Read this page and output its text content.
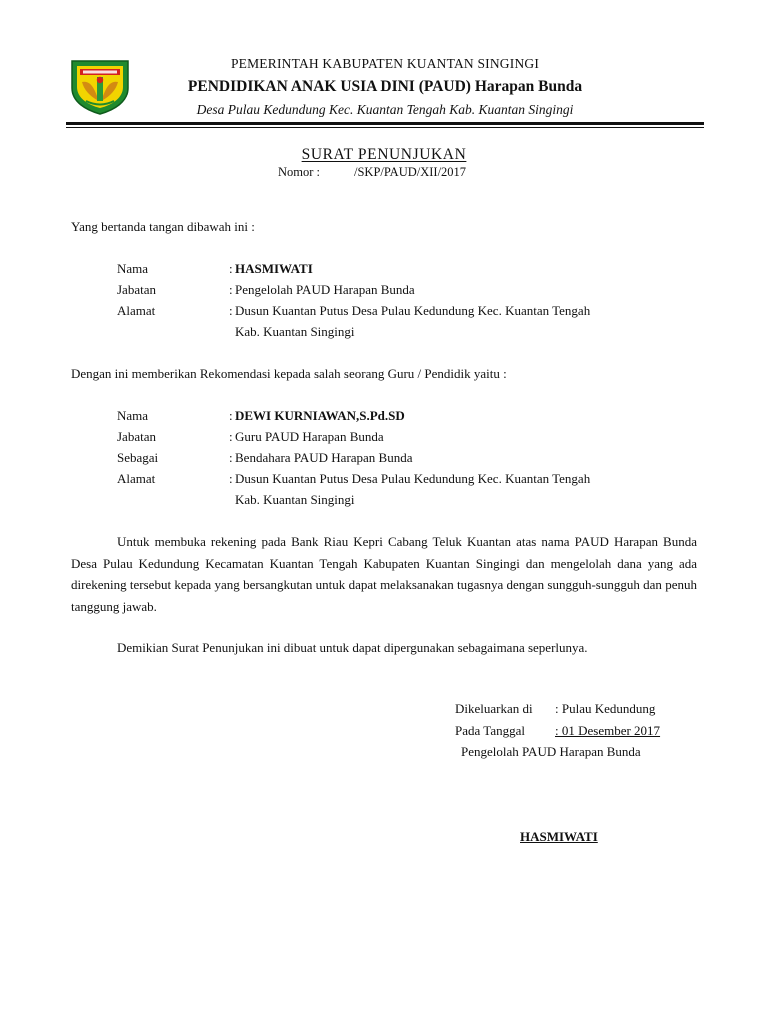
PEMERINTAH KABUPATEN KUANTAN SINGINGI
PENDIDIKAN ANAK USIA DINI (PAUD) Harapan Bunda
Desa Pulau Kedundung Kec. Kuantan Tengah Kab. Kuantan Singingi
SURAT PENUNJUKAN
Nomor :	/SKP/PAUD/XII/2017
Yang bertanda tangan dibawah ini :
Nama	: HASMIWATI
Jabatan	: Pengelolah PAUD Harapan Bunda
Alamat	: Dusun Kuantan Putus Desa Pulau Kedundung Kec. Kuantan Tengah
Kab. Kuantan Singingi
Dengan ini memberikan Rekomendasi kepada salah seorang Guru / Pendidik yaitu :
Nama	: DEWI KURNIAWAN,S.Pd.SD
Jabatan	: Guru PAUD Harapan Bunda
Sebagai	: Bendahara PAUD Harapan Bunda
Alamat	: Dusun Kuantan Putus Desa Pulau Kedundung Kec. Kuantan Tengah
Kab. Kuantan Singingi
Untuk membuka rekening pada Bank Riau Kepri Cabang Teluk Kuantan atas nama PAUD Harapan Bunda Desa Pulau Kedundung Kecamatan Kuantan Tengah Kabupaten Kuantan Singingi dan mengelolah dana yang ada direkening tersebut kepada yang bersangkutan untuk dapat melaksanakan tugasnya dengan sungguh-sungguh dan penuh tanggung jawab.
Demikian Surat Penunjukan ini dibuat untuk dapat dipergunakan sebagaimana seperlunya.
Dikeluarkan di : Pulau Kedundung
Pada Tanggal : 01 Desember 2017
Pengelolah PAUD Harapan Bunda
HASMIWATI
